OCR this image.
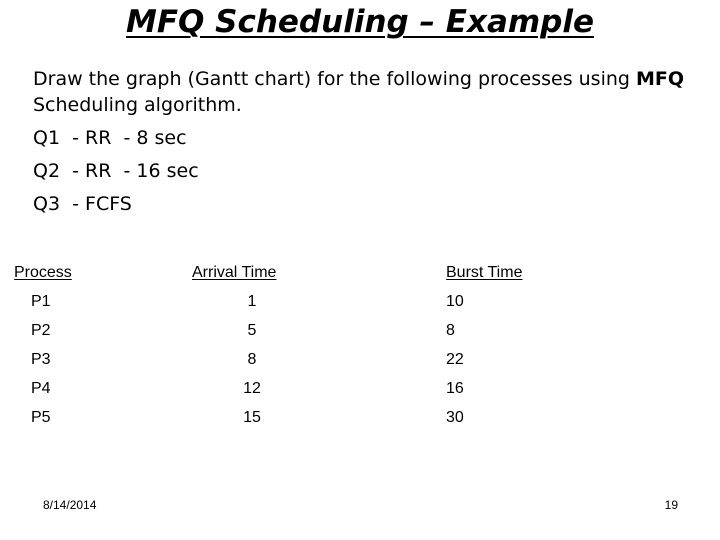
MFQ Scheduling – Example

Draw the graph (Gantt chart) for the following processes using MFQ Scheduling algorithm.

Q1  - RR  - 8 sec

Q2  - RR  - 16 sec

Q3  - FCFS

Process	Arrival Time	Burst Time
P1	1	10
P2	5	8
P3	8	22
P4	12	16
P5	15	30
8/14/2014	19
